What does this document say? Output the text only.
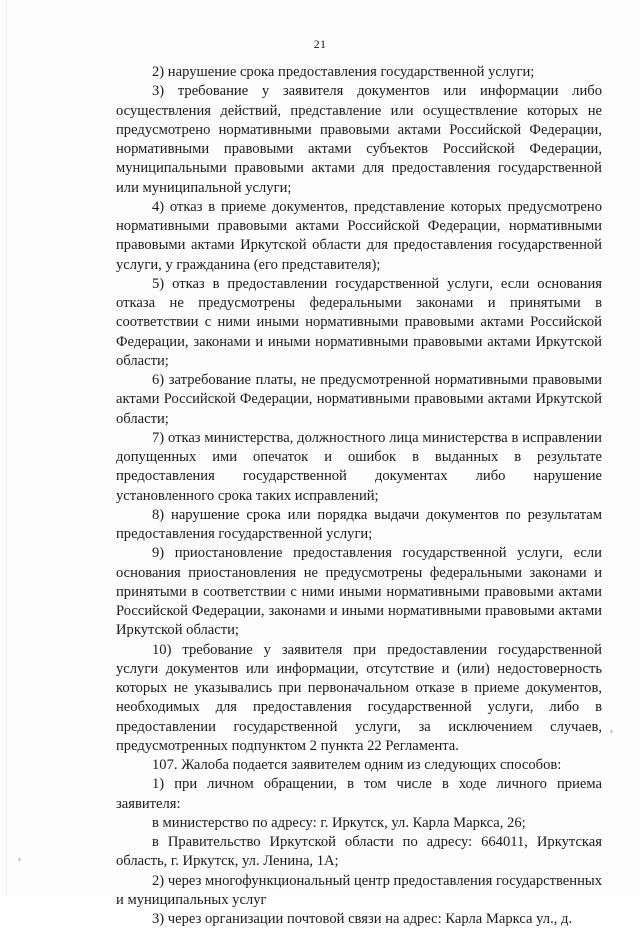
21

2) нарушение срока предоставления государственной услуги;

3) требование у заявителя документов или информации либо осуществления действий, представление или осуществление которых не предусмотрено нормативными правовыми актами Российской Федерации, нормативными правовыми актами субъектов Российской Федерации, муниципальными правовыми актами для предоставления государственной или муниципальной услуги;

4) отказ в приеме документов, представление которых предусмотрено нормативными правовыми актами Российской Федерации, нормативными правовыми актами Иркутской области для предоставления государственной услуги, у гражданина (его представителя);

5) отказ в предоставлении государственной услуги, если основания отказа не предусмотрены федеральными законами и принятыми в соответствии с ними иными нормативными правовыми актами Российской Федерации, законами и иными нормативными правовыми актами Иркутской области;

6) затребование платы, не предусмотренной нормативными правовыми актами Российской Федерации, нормативными правовыми актами Иркутской области;

7) отказ министерства, должностного лица министерства в исправлении допущенных ими опечаток и ошибок в выданных в результате предоставления государственной документах либо нарушение установленного срока таких исправлений;

8) нарушение срока или порядка выдачи документов по результатам предоставления государственной услуги;

9) приостановление предоставления государственной услуги, если основания приостановления не предусмотрены федеральными законами и принятыми в соответствии с ними иными нормативными правовыми актами Российской Федерации, законами и иными нормативными правовыми актами Иркутской области;

10) требование у заявителя при предоставлении государственной услуги документов или информации, отсутствие и (или) недостоверность которых не указывались при первоначальном отказе в приеме документов, необходимых для предоставления государственной услуги, либо в предоставлении государственной услуги, за исключением случаев, предусмотренных подпунктом 2 пункта 22 Регламента.

107. Жалоба подается заявителем одним из следующих способов:

1) при личном обращении, в том числе в ходе личного приема заявителя:

в министерство по адресу: г. Иркутск, ул. Карла Маркса, 26;

в Правительство Иркутской области по адресу: 664011, Иркутская область, г. Иркутск, ул. Ленина, 1А;

2) через многофункциональный центр предоставления государственных и муниципальных услуг

3) через организации почтовой связи на адрес: Карла Маркса ул., д.
